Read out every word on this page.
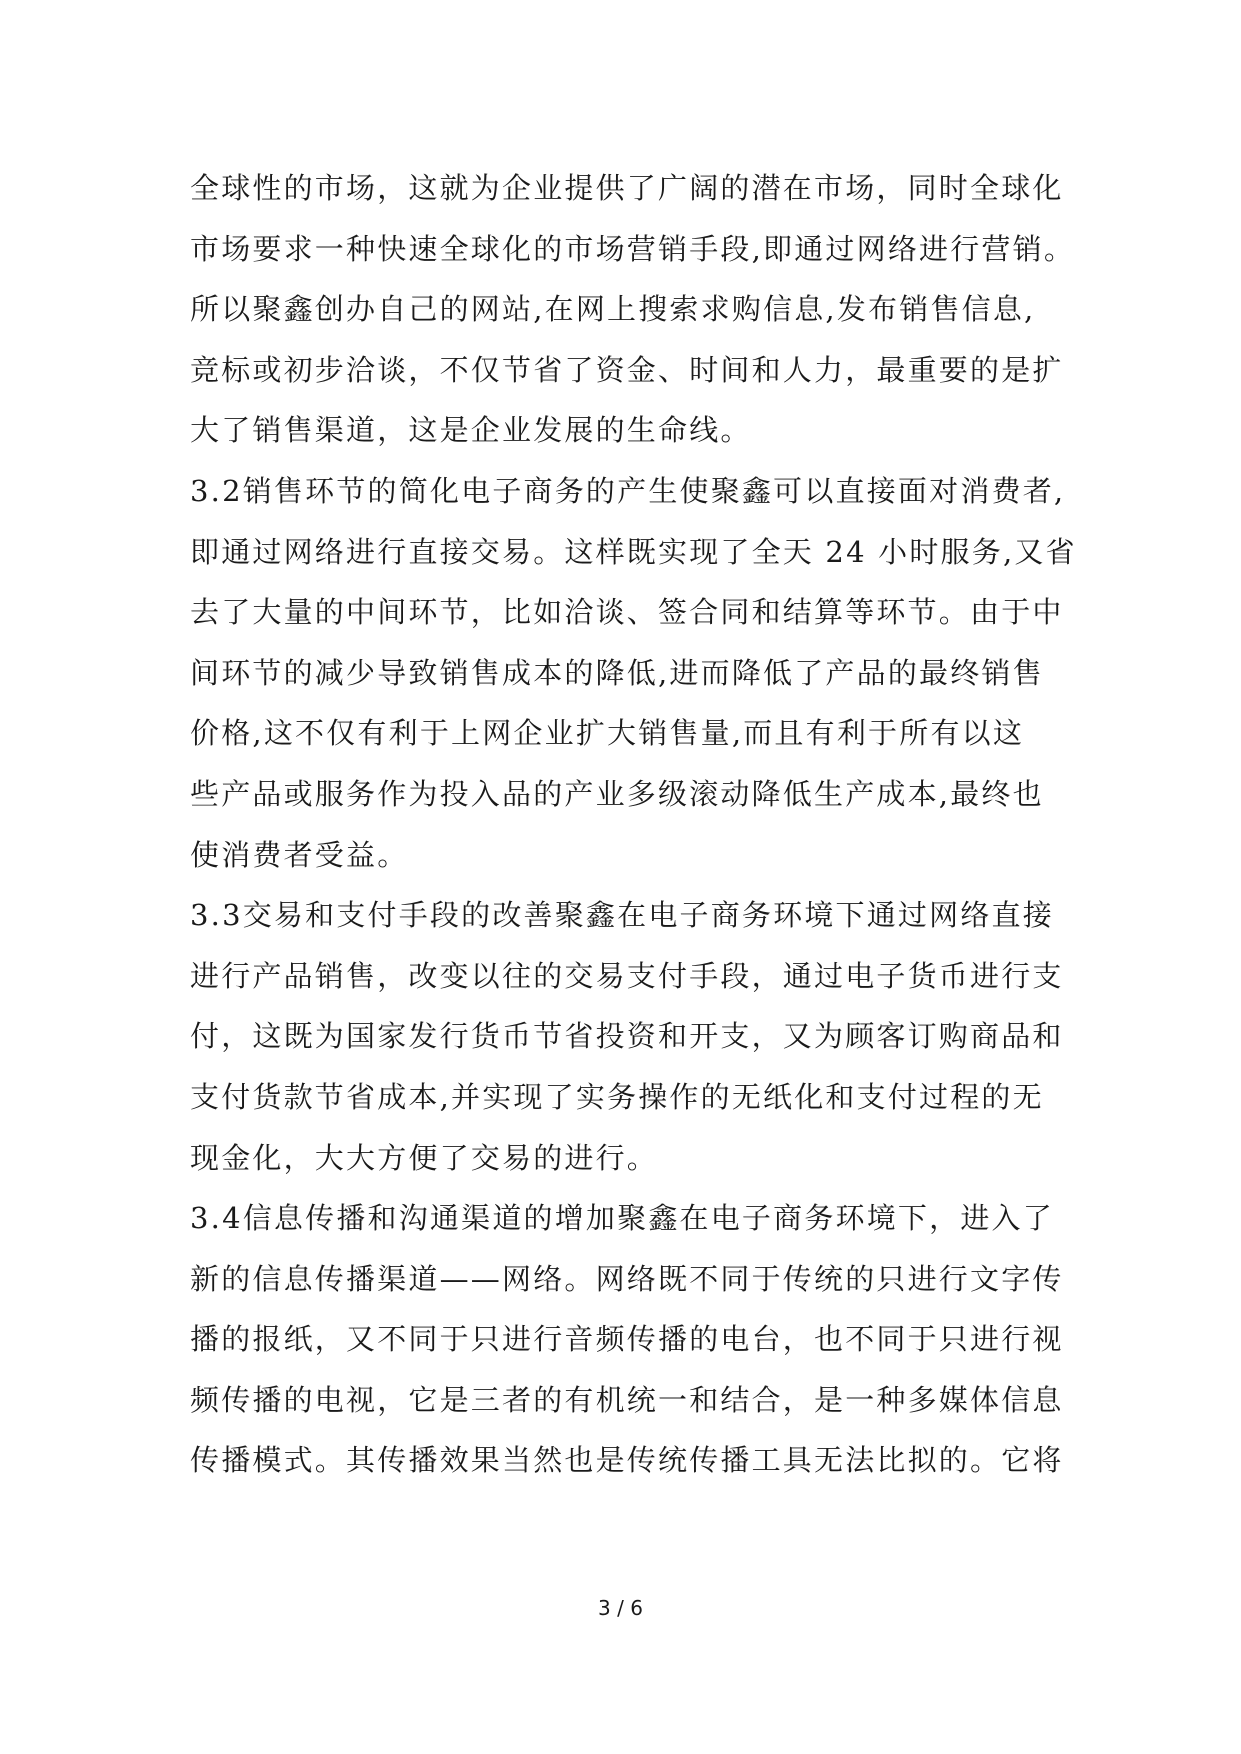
全球性的市场，这就为企业提供了广阔的潜在市场，同时全球化
市场要求一种快速全球化的市场营销手段,即通过网络进行营销。
所以聚鑫创办自己的网站,在网上搜索求购信息,发布销售信息,
竞标或初步洽谈，不仅节省了资金、时间和人力，最重要的是扩
大了销售渠道，这是企业发展的生命线。
3.2销售环节的简化电子商务的产生使聚鑫可以直接面对消费者,
即通过网络进行直接交易。这样既实现了全天 24 小时服务,又省
去了大量的中间环节，比如洽谈、签合同和结算等环节。由于中
间环节的减少导致销售成本的降低,进而降低了产品的最终销售
价格,这不仅有利于上网企业扩大销售量,而且有利于所有以这
些产品或服务作为投入品的产业多级滚动降低生产成本,最终也
使消费者受益。
3.3交易和支付手段的改善聚鑫在电子商务环境下通过网络直接
进行产品销售，改变以往的交易支付手段，通过电子货币进行支
付，这既为国家发行货币节省投资和开支，又为顾客订购商品和
支付货款节省成本,并实现了实务操作的无纸化和支付过程的无
现金化，大大方便了交易的进行。
3.4信息传播和沟通渠道的增加聚鑫在电子商务环境下，进入了
新的信息传播渠道——网络。网络既不同于传统的只进行文字传
播的报纸，又不同于只进行音频传播的电台，也不同于只进行视
频传播的电视，它是三者的有机统一和结合，是一种多媒体信息
传播模式。其传播效果当然也是传统传播工具无法比拟的。它将
3 / 6
